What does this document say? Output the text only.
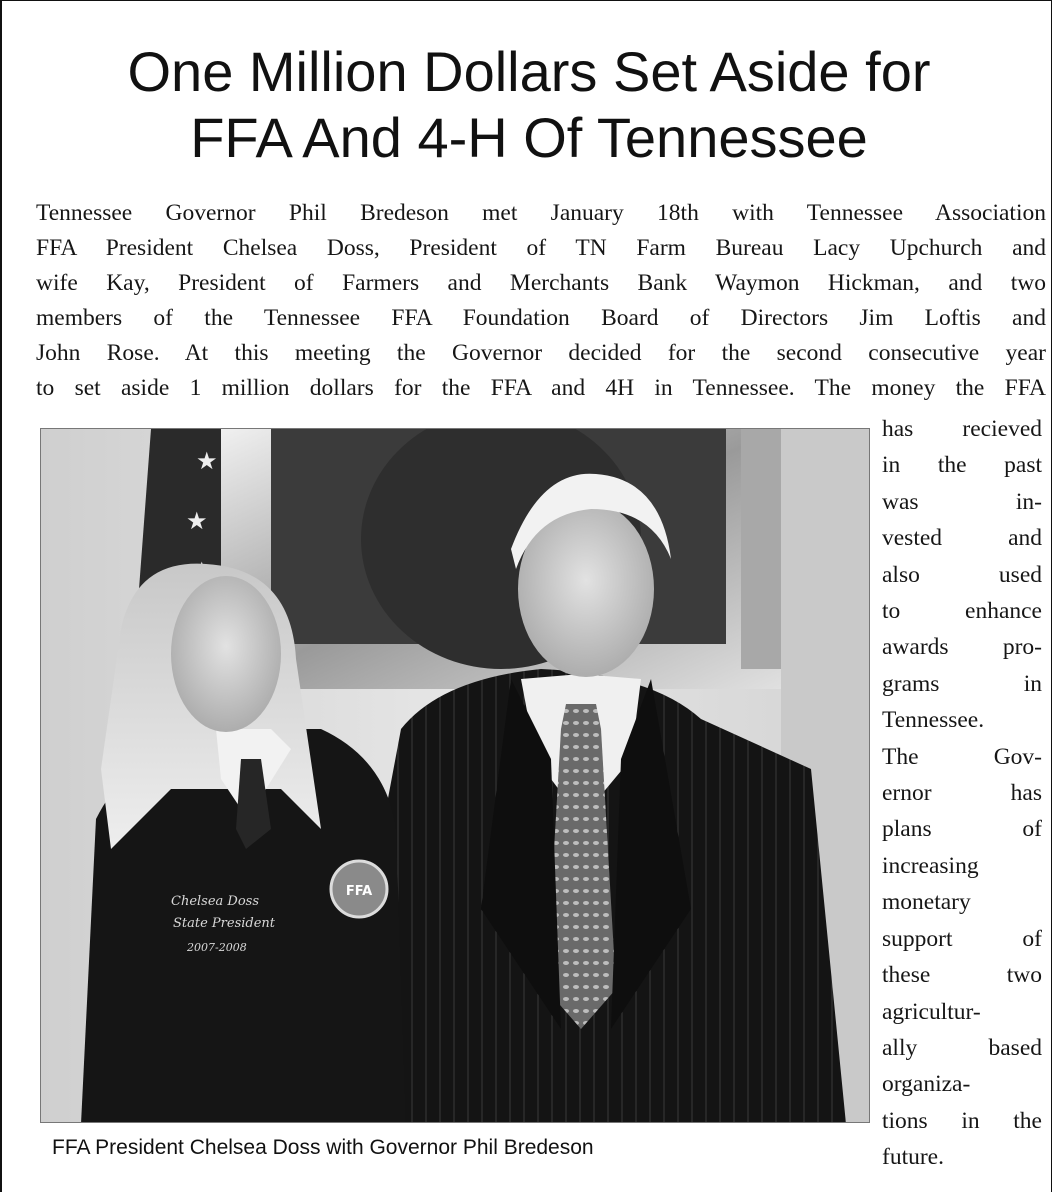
One Million Dollars Set Aside for
FFA And 4-H Of Tennessee
Tennessee Governor Phil Bredeson met January 18th with Tennessee Association
FFA President Chelsea Doss, President of TN Farm Bureau Lacy Upchurch and
wife Kay, President of Farmers and Merchants Bank Waymon Hickman, and two
members of the Tennessee FFA Foundation Board of Directors Jim Loftis and
John Rose. At this meeting the Governor decided for the second consecutive year
to set aside 1 million dollars for the FFA and 4H in Tennessee. The money the FFA
★
★
FFA
Chelsea Doss
State President
2007-2008
FFA President Chelsea Doss with Governor Phil Bredeson
has recieved
in the past
was in-
vested and
also used
to enhance
awards pro-
grams in
Tennessee.
The Gov-
ernor has
plans of
increasing
monetary
support of
these two
agricultur-
ally based
organiza-
tions in the
future.
